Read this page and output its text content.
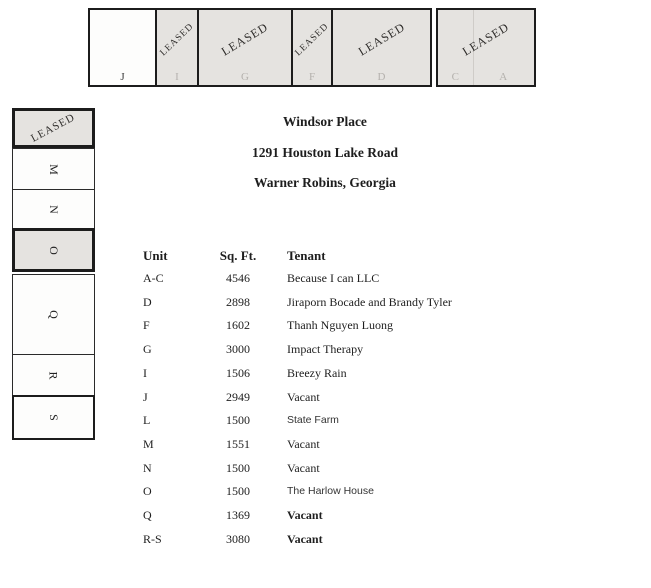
J
LEASED
I
LEASED
G
LEASED
F
LEASED
D
LEASED
C	A
LEASED
M
N
O
Q
R
S
Windsor Place
1291 Houston Lake Road
Warner Robins, Georgia
Unit	Sq. Ft.	Tenant
A-C	4546	Because I can LLC
D	2898	Jiraporn Bocade and Brandy Tyler
F	1602	Thanh Nguyen Luong
G	3000	Impact Therapy
I	1506	Breezy Rain
J	2949	Vacant
L	1500	State Farm
M	1551	Vacant
N	1500	Vacant
O	1500	The Harlow House
Q	1369	Vacant
R-S	3080	Vacant
